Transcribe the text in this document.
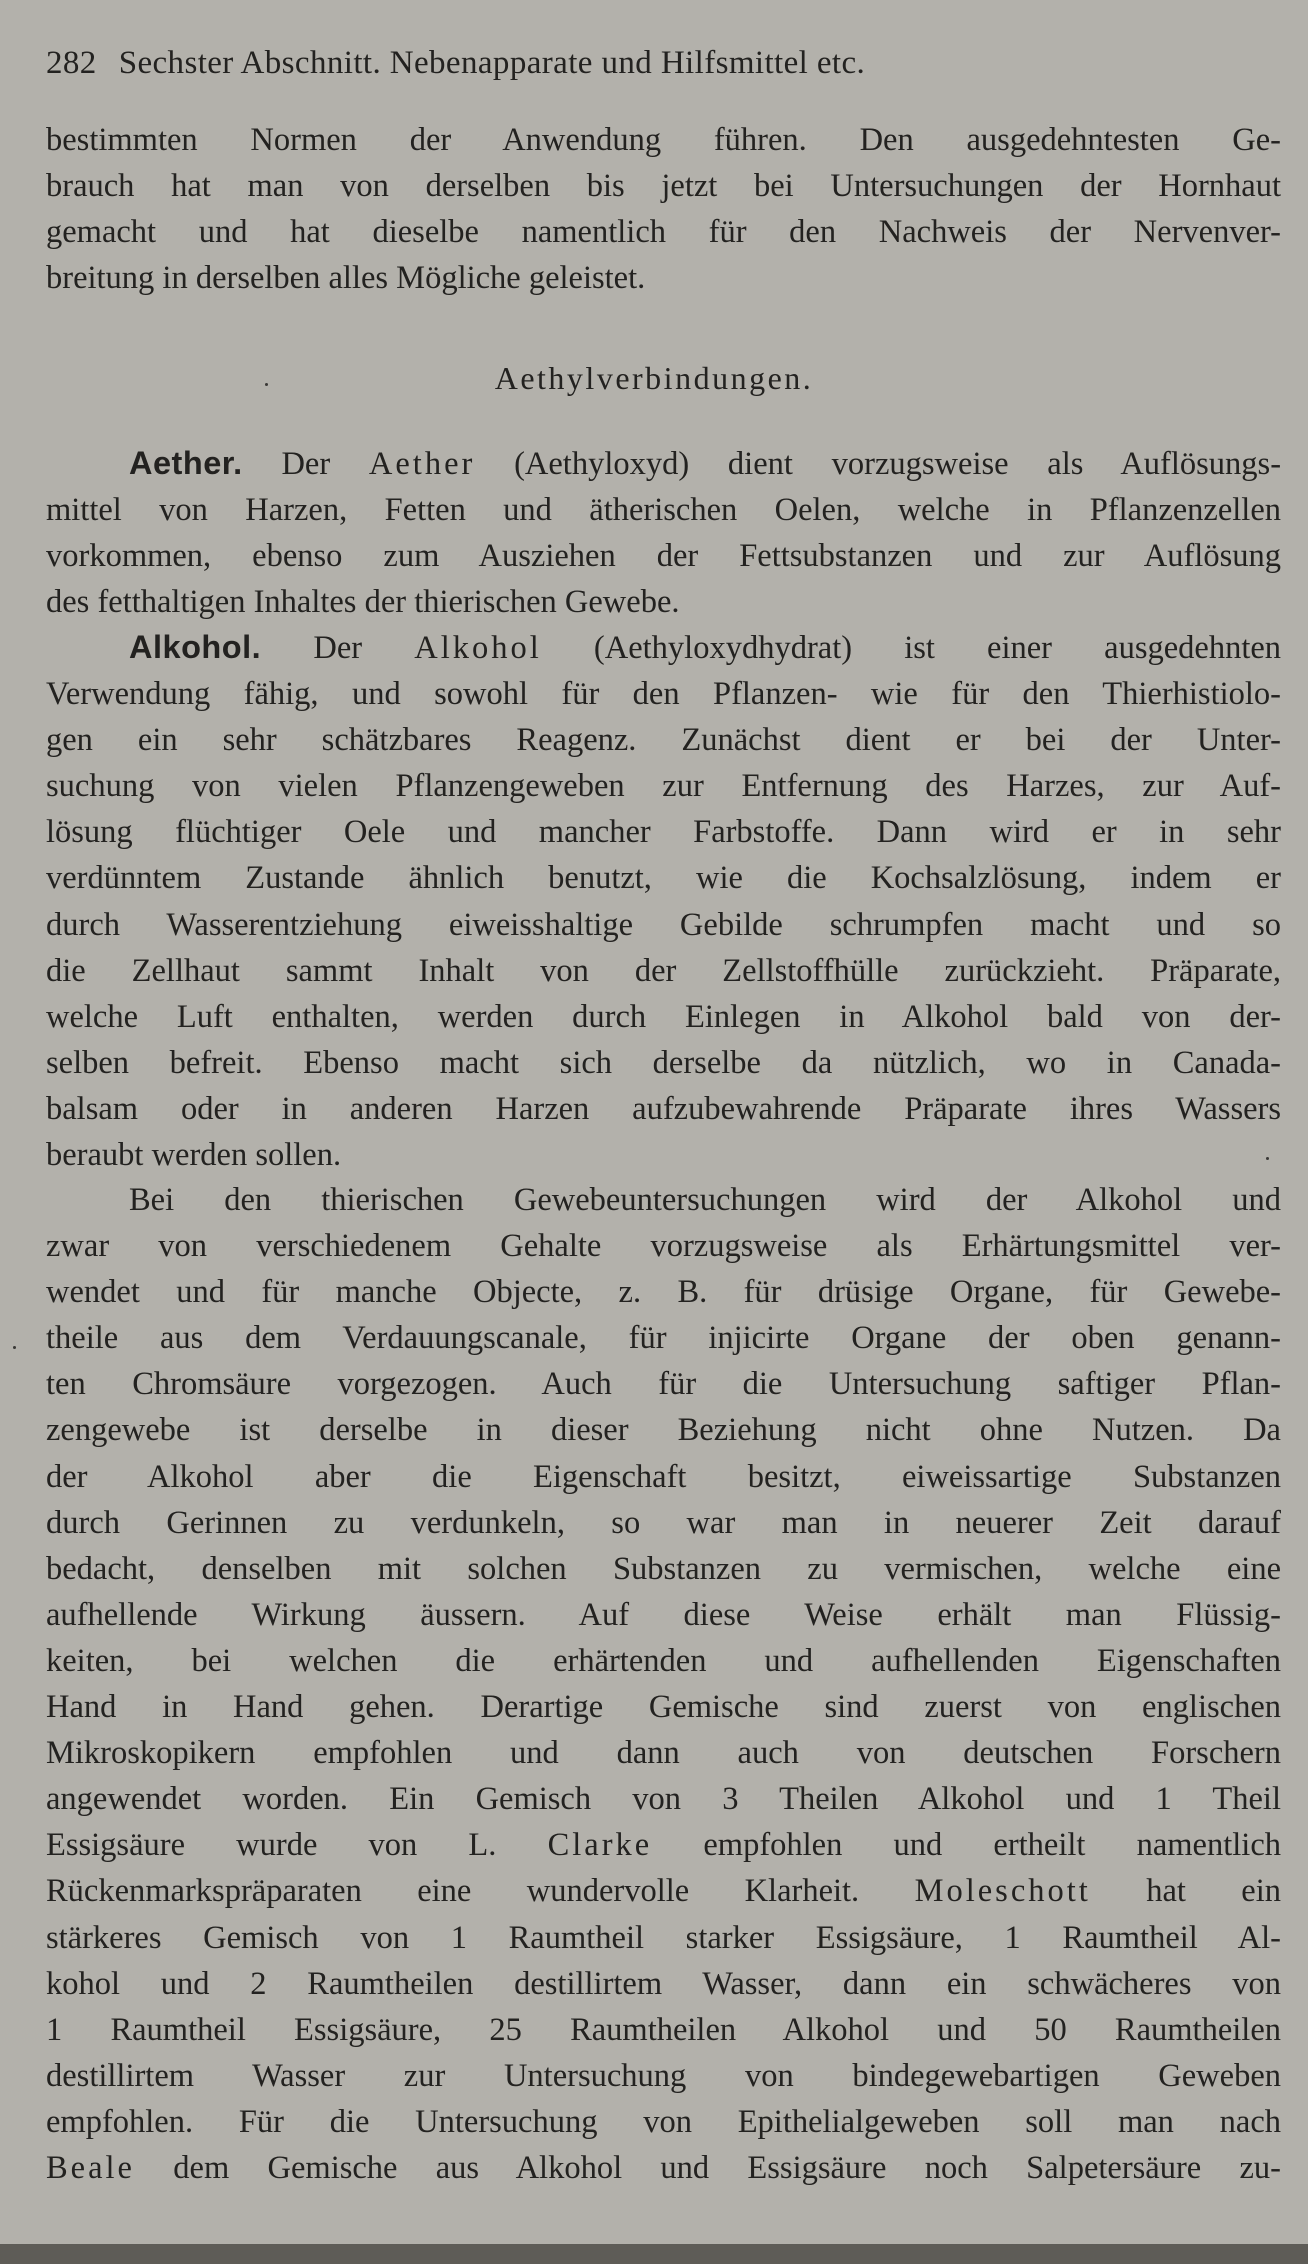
282 Sechster Abschnitt. Nebenapparate und Hilfsmittel etc.
bestimmten Normen der Anwendung führen. Den ausgedehntesten Ge-
brauch hat man von derselben bis jetzt bei Untersuchungen der Hornhaut
gemacht und hat dieselbe namentlich für den Nachweis der Nervenver-
breitung in derselben alles Mögliche geleistet.
Aethylverbindungen.
Aether. Der Aether (Aethyloxyd) dient vorzugsweise als Auflösungs-
mittel von Harzen, Fetten und ätherischen Oelen, welche in Pflanzenzellen
vorkommen, ebenso zum Ausziehen der Fettsubstanzen und zur Auflösung
des fetthaltigen Inhaltes der thierischen Gewebe.
Alkohol. Der Alkohol (Aethyloxydhydrat) ist einer ausgedehnten
Verwendung fähig, und sowohl für den Pflanzen- wie für den Thierhistiolo-
gen ein sehr schätzbares Reagenz. Zunächst dient er bei der Unter-
suchung von vielen Pflanzengeweben zur Entfernung des Harzes, zur Auf-
lösung flüchtiger Oele und mancher Farbstoffe. Dann wird er in sehr
verdünntem Zustande ähnlich benutzt, wie die Kochsalzlösung, indem er
durch Wasserentziehung eiweisshaltige Gebilde schrumpfen macht und so
die Zellhaut sammt Inhalt von der Zellstoffhülle zurückzieht. Präparate,
welche Luft enthalten, werden durch Einlegen in Alkohol bald von der-
selben befreit. Ebenso macht sich derselbe da nützlich, wo in Canada-
balsam oder in anderen Harzen aufzubewahrende Präparate ihres Wassers
beraubt werden sollen.
Bei den thierischen Gewebeuntersuchungen wird der Alkohol und
zwar von verschiedenem Gehalte vorzugsweise als Erhärtungsmittel ver-
wendet und für manche Objecte, z. B. für drüsige Organe, für Gewebe-
theile aus dem Verdauungscanale, für injicirte Organe der oben genann-
ten Chromsäure vorgezogen. Auch für die Untersuchung saftiger Pflan-
zengewebe ist derselbe in dieser Beziehung nicht ohne Nutzen. Da
der Alkohol aber die Eigenschaft besitzt, eiweissartige Substanzen
durch Gerinnen zu verdunkeln, so war man in neuerer Zeit darauf
bedacht, denselben mit solchen Substanzen zu vermischen, welche eine
aufhellende Wirkung äussern. Auf diese Weise erhält man Flüssig-
keiten, bei welchen die erhärtenden und aufhellenden Eigenschaften
Hand in Hand gehen. Derartige Gemische sind zuerst von englischen
Mikroskopikern empfohlen und dann auch von deutschen Forschern
angewendet worden. Ein Gemisch von 3 Theilen Alkohol und 1 Theil
Essigsäure wurde von L. Clarke empfohlen und ertheilt namentlich
Rückenmarkspräparaten eine wundervolle Klarheit. Moleschott hat ein
stärkeres Gemisch von 1 Raumtheil starker Essigsäure, 1 Raumtheil Al-
kohol und 2 Raumtheilen destillirtem Wasser, dann ein schwächeres von
1 Raumtheil Essigsäure, 25 Raumtheilen Alkohol und 50 Raumtheilen
destillirtem Wasser zur Untersuchung von bindegewebartigen Geweben
empfohlen. Für die Untersuchung von Epithelialgeweben soll man nach
Beale dem Gemische aus Alkohol und Essigsäure noch Salpetersäure zu-
